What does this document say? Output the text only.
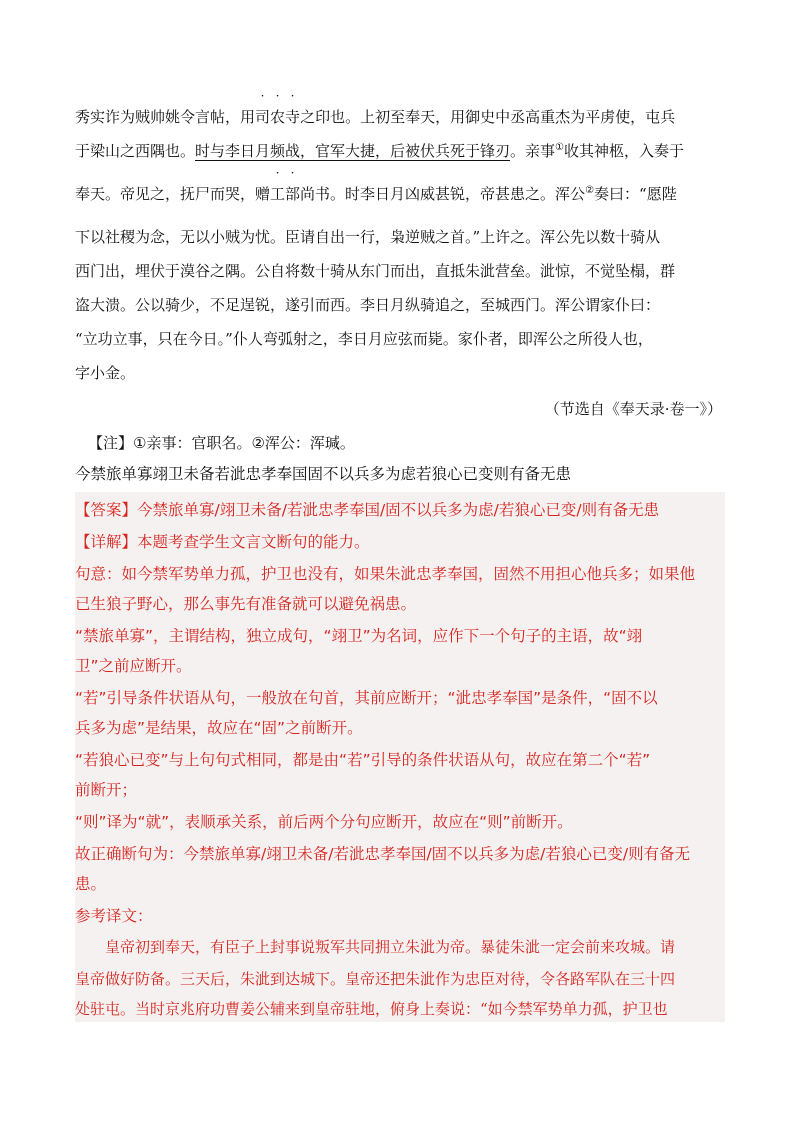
秀实诈为贼帅姚令言帖，用
·
司
·
农
·
寺之印也。上初至奉天，用御史中丞高重杰为平虏使，屯兵
于梁山之西隅也。时与李日月频战，官军大捷，后被伏兵死于锋刃。亲事①收其神柩，入奏于
奉天。帝见之，抚尸而哭，赠
·
工
·
部尚书。时李日月凶威甚锐，帝甚患之。浑公②奏曰：“愿陛
下以社稷为念，无以小贼为忧。臣请自出一行，枭逆贼之首。”上许之。浑公先以数十骑从
西门出，埋伏于漠谷之隅。公自将数十骑从东门而出，直抵朱泚营垒。泚惊，不觉坠榻，群
盗大溃。公以骑少，不足逞锐，遂引而西。李日月纵骑追之，至城西门。浑公谓家仆曰：
“立功立事，只在今日。”仆人弯弧射之，李日月应弦而毙。家仆者，即浑公之所役人也，
字小金。
（节选自《奉天录·卷一》）
【注】①亲事：官职名。②浑公：浑瑊。
今禁旅单寡翊卫未备若泚忠孝奉国固不以兵多为虑若狼心已变则有备无患
【答案】今禁旅单寡/翊卫未备/若泚忠孝奉国/固不以兵多为虑/若狼心已变/则有备无患
【详解】本题考查学生文言文断句的能力。
句意：如今禁军势单力孤，护卫也没有，如果朱泚忠孝奉国，固然不用担心他兵多；如果他
已生狼子野心，那么事先有准备就可以避免祸患。
“禁旅单寡”，主谓结构，独立成句，“翊卫”为名词，应作下一个句子的主语，故“翊
卫”之前应断开。
“若”引导条件状语从句，一般放在句首，其前应断开；“泚忠孝奉国”是条件，“固不以
兵多为虑”是结果，故应在“固”之前断开。
“若狼心已变”与上句句式相同，都是由“若”引导的条件状语从句，故应在第二个“若”
前断开；
“则”译为“就”，表顺承关系，前后两个分句应断开，故应在“则”前断开。
故正确断句为：今禁旅单寡/翊卫未备/若泚忠孝奉国/固不以兵多为虑/若狼心已变/则有备无
患。
参考译文：
皇帝初到奉天，有臣子上封事说叛军共同拥立朱泚为帝。暴徒朱泚一定会前来攻城。请
皇帝做好防备。三天后，朱泚到达城下。皇帝还把朱泚作为忠臣对待，令各路军队在三十四
处驻屯。当时京兆府功曹姜公辅来到皇帝驻地，俯身上奏说：“如今禁军势单力孤，护卫也
